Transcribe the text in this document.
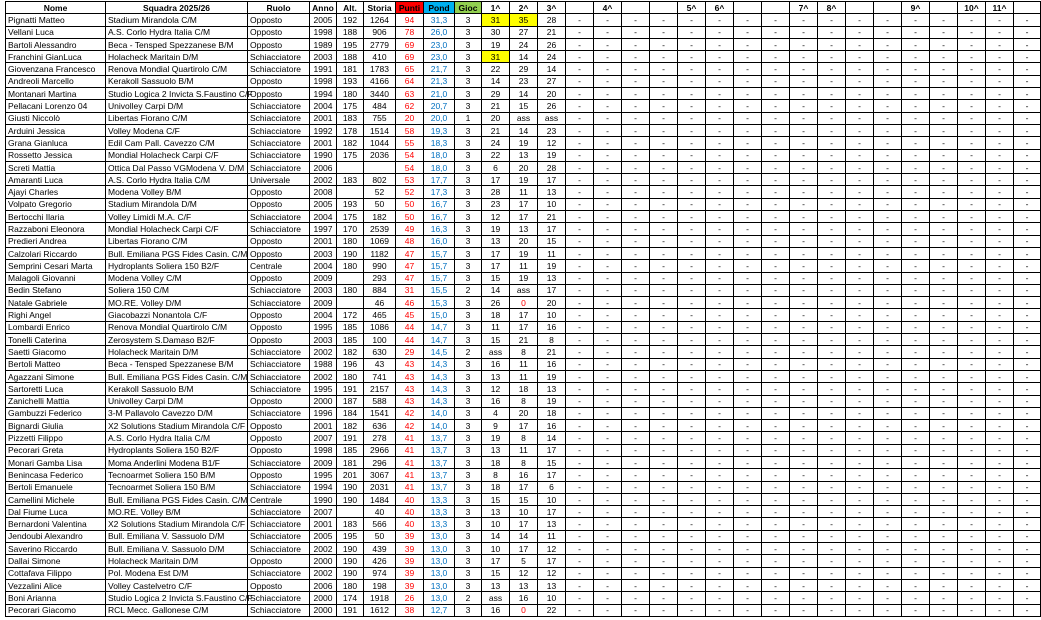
Nome	Squadra 2025/26	Ruolo	Anno	Alt.	Storia	Punti	Pond	Gioc	1^	2^	3^		4^			5^	6^			7^	8^			9^		10^	11^	
Pignatti Matteo	Stadium Mirandola C/M	Opposto	2005	192	1264	94	31,3	3	31	35	28	-	-	-	-	-	-	-	-	-	-	-	-	-	-	-	-	-
Vellani Luca	A.S. Corlo Hydra Italia C/M	Opposto	1998	188	906	78	26,0	3	30	27	21	-	-	-	-	-	-	-	-	-	-	-	-	-	-	-	-	-
Bartoli Alessandro	Beca - Tensped Spezzanese B/M	Opposto	1989	195	2779	69	23,0	3	19	24	26	-	-	-	-	-	-	-	-	-	-	-	-	-	-	-	-	-
Franchini GianLuca	Holacheck Maritain D/M	Schiacciatore	2003	188	410	69	23,0	3	31	14	24	-	-	-	-	-	-	-	-	-	-	-	-	-	-	-	-	-
Giovenzana Francesco	Renova Mondial Quartirolo C/M	Schiacciatore	1991	181	1783	65	21,7	3	22	29	14	-	-	-	-	-	-	-	-	-	-	-	-	-	-	-	-	-
Andreoli Marcello	Kerakoll Sassuolo B/M	Opposto	1998	193	4166	64	21,3	3	14	23	27	-	-	-	-	-	-	-	-	-	-	-	-	-	-	-	-	-
Montanari Martina	Studio Logica 2 Invicta S.Faustino C/F	Opposto	1994	180	3440	63	21,0	3	29	14	20	-	-	-	-	-	-	-	-	-	-	-	-	-	-	-	-	-
Pellacani Lorenzo 04	Univolley Carpi D/M	Schiacciatore	2004	175	484	62	20,7	3	21	15	26	-	-	-	-	-	-	-	-	-	-	-	-	-	-	-	-	-
Giusti Niccolò	Libertas Fiorano C/M	Schiacciatore	2001	183	755	20	20,0	1	20	ass	ass	-	-	-	-	-	-	-	-	-	-	-	-	-	-	-	-	-
Arduini Jessica	Volley Modena C/F	Schiacciatore	1992	178	1514	58	19,3	3	21	14	23	-	-	-	-	-	-	-	-	-	-	-	-	-	-	-	-	-
Grana Gianluca	Edil Cam Pall. Cavezzo C/M	Schiacciatore	2001	182	1044	55	18,3	3	24	19	12	-	-	-	-	-	-	-	-	-	-	-	-	-	-	-	-	-
Rossetto Jessica	Mondial Holacheck Carpi C/F	Schiacciatore	1990	175	2036	54	18,0	3	22	13	19	-	-	-	-	-	-	-	-	-	-	-	-	-	-	-	-	-
Screti Mattia	Ottica Dal Passo VGModena V. D/M	Schiacciatore	2006			54	18,0	3	6	20	28	-	-	-	-	-	-	-	-	-	-	-	-	-	-	-	-	-
Amaranti Luca	A.S. Corlo Hydra Italia C/M	Universale	2002	183	802	53	17,7	3	17	19	17	-	-	-	-	-	-	-	-	-	-	-	-	-	-	-	-	-
Ajayi Charles	Modena Volley B/M	Opposto	2008		52	52	17,3	3	28	11	13	-	-	-	-	-	-	-	-	-	-	-	-	-	-	-	-	-
Volpato Gregorio	Stadium Mirandola D/M	Opposto	2005	193	50	50	16,7	3	23	17	10	-	-	-	-	-	-	-	-	-	-	-	-	-	-	-	-	-
Bertocchi Ilaria	Volley Limidi M.A. C/F	Schiacciatore	2004	175	182	50	16,7	3	12	17	21	-	-	-	-	-	-	-	-	-	-	-	-	-	-	-	-	-
Razzaboni Eleonora	Mondial Holacheck Carpi C/F	Schiacciatore	1997	170	2539	49	16,3	3	19	13	17	-	-	-	-	-	-	-	-	-	-	-	-	-	-	-	-	-
Predieri Andrea	Libertas Fiorano C/M	Opposto	2001	180	1069	48	16,0	3	13	20	15	-	-	-	-	-	-	-	-	-	-	-	-	-	-	-	-	-
Calzolari Riccardo	Bull. Emiliana PGS Fides Casin. C/M	Opposto	2003	190	1182	47	15,7	3	17	19	11	-	-	-	-	-	-	-	-	-	-	-	-	-	-	-	-	-
Semprini Cesari Marta	Hydroplants Soliera 150 B2/F	Centrale	2004	180	990	47	15,7	3	17	11	19	-	-	-	-	-	-	-	-	-	-	-	-	-	-	-	-	-
Malagoli Giovanni	Modena Volley C/M	Opposto	2009		293	47	15,7	3	15	19	13	-	-	-	-	-	-	-	-	-	-	-	-	-	-	-	-	-
Bedin Stefano	Soliera 150 C/M	Schiacciatore	2003	180	884	31	15,5	2	14	ass	17	-	-	-	-	-	-	-	-	-	-	-	-	-	-	-	-	-
Natale Gabriele	MO.RE. Volley D/M	Schiacciatore	2009		46	46	15,3	3	26	0	20	-	-	-	-	-	-	-	-	-	-	-	-	-	-	-	-	-
Righi Angel	Giacobazzi Nonantola C/F	Opposto	2004	172	465	45	15,0	3	18	17	10	-	-	-	-	-	-	-	-	-	-	-	-	-	-	-	-	-
Lombardi Enrico	Renova Mondial Quartirolo C/M	Opposto	1995	185	1086	44	14,7	3	11	17	16	-	-	-	-	-	-	-	-	-	-	-	-	-	-	-	-	-
Tonelli Caterina	Zerosystem S.Damaso B2/F	Opposto	2003	185	100	44	14,7	3	15	21	8	-	-	-	-	-	-	-	-	-	-	-	-	-	-	-	-	-
Saetti Giacomo	Holacheck Maritain D/M	Schiacciatore	2002	182	630	29	14,5	2	ass	8	21	-	-	-	-	-	-	-	-	-	-	-	-	-	-	-	-	-
Bertoli Matteo	Beca - Tensped Spezzanese B/M	Schiacciatore	1988	196	43	43	14,3	3	16	11	16	-	-	-	-	-	-	-	-	-	-	-	-	-	-	-	-	-
Agazzani Simone	Bull. Emiliana PGS Fides Casin. C/M	Schiacciatore	2002	180	741	43	14,3	3	13	11	19	-	-	-	-	-	-	-	-	-	-	-	-	-	-	-	-	-
Sartoretti Luca	Kerakoll Sassuolo B/M	Schiacciatore	1995	191	2157	43	14,3	3	12	18	13	-	-	-	-	-	-	-	-	-	-	-	-	-	-	-	-	-
Zanichelli Mattia	Univolley Carpi D/M	Opposto	2000	187	588	43	14,3	3	16	8	19	-	-	-	-	-	-	-	-	-	-	-	-	-	-	-	-	-
Gambuzzi Federico	3-M Pallavolo Cavezzo D/M	Schiacciatore	1996	184	1541	42	14,0	3	4	20	18	-	-	-	-	-	-	-	-	-	-	-	-	-	-	-	-	-
Bignardi Giulia	X2 Solutions Stadium Mirandola C/F	Opposto	2001	182	636	42	14,0	3	9	17	16	-	-	-	-	-	-	-	-	-	-	-	-	-	-	-	-	-
Pizzetti Filippo	A.S. Corlo Hydra Italia C/M	Opposto	2007	191	278	41	13,7	3	19	8	14	-	-	-	-	-	-	-	-	-	-	-	-	-	-	-	-	-
Pecorari Greta	Hydroplants Soliera 150 B2/F	Opposto	1998	185	2966	41	13,7	3	13	11	17	-	-	-	-	-	-	-	-	-	-	-	-	-	-	-	-	-
Monari Gamba Lisa	Moma Anderlini Modena B1/F	Schiacciatore	2009	181	296	41	13,7	3	18	8	15	-	-	-	-	-	-	-	-	-	-	-	-	-	-	-	-	-
Benincasa Federico	Tecnoarmet Soliera 150 B/M	Opposto	1995	201	3067	41	13,7	3	8	16	17	-	-	-	-	-	-	-	-	-	-	-	-	-	-	-	-	-
Bertoli Emanuele	Tecnoarmet Soliera 150 B/M	Schiacciatore	1994	190	2031	41	13,7	3	18	17	6	-	-	-	-	-	-	-	-	-	-	-	-	-	-	-	-	-
Camellini Michele	Bull. Emiliana PGS Fides Casin. C/M	Centrale	1990	190	1484	40	13,3	3	15	15	10	-	-	-	-	-	-	-	-	-	-	-	-	-	-	-	-	-
Dal Fiume Luca	MO.RE. Volley B/M	Schiacciatore	2007		40	40	13,3	3	13	10	17	-	-	-	-	-	-	-	-	-	-	-	-	-	-	-	-	-
Bernardoni Valentina	X2 Solutions Stadium Mirandola C/F	Schiacciatore	2001	183	566	40	13,3	3	10	17	13	-	-	-	-	-	-	-	-	-	-	-	-	-	-	-	-	-
Jendoubi Alexandro	Bull. Emiliana V. Sassuolo D/M	Schiacciatore	2005	195	50	39	13,0	3	14	14	11	-	-	-	-	-	-	-	-	-	-	-	-	-	-	-	-	-
Saverino Riccardo	Bull. Emiliana V. Sassuolo D/M	Schiacciatore	2002	190	439	39	13,0	3	10	17	12	-	-	-	-	-	-	-	-	-	-	-	-	-	-	-	-	-
Dallai Simone	Holacheck Maritain D/M	Opposto	2000	190	426	39	13,0	3	17	5	17	-	-	-	-	-	-	-	-	-	-	-	-	-	-	-	-	-
Cottafava Filippo	Pol. Modena Est D/M	Schiacciatore	2002	190	974	39	13,0	3	15	12	12	-	-	-	-	-	-	-	-	-	-	-	-	-	-	-	-	-
Vezzalini Alice	Volley Castelvetro C/F	Opposto	2006	180	198	39	13,0	3	13	13	13	-	-	-	-	-	-	-	-	-	-	-	-	-	-	-	-	-
Boni Arianna	Studio Logica 2 Invicta S.Faustino C/F	Schiacciatore	2000	174	1918	26	13,0	2	ass	16	10	-	-	-	-	-	-	-	-	-	-	-	-	-	-	-	-	-
Pecorari Giacomo	RCL Mecc. Gallonese C/M	Schiacciatore	2000	191	1612	38	12,7	3	16	0	22	-	-	-	-	-	-	-	-	-	-	-	-	-	-	-	-	-
